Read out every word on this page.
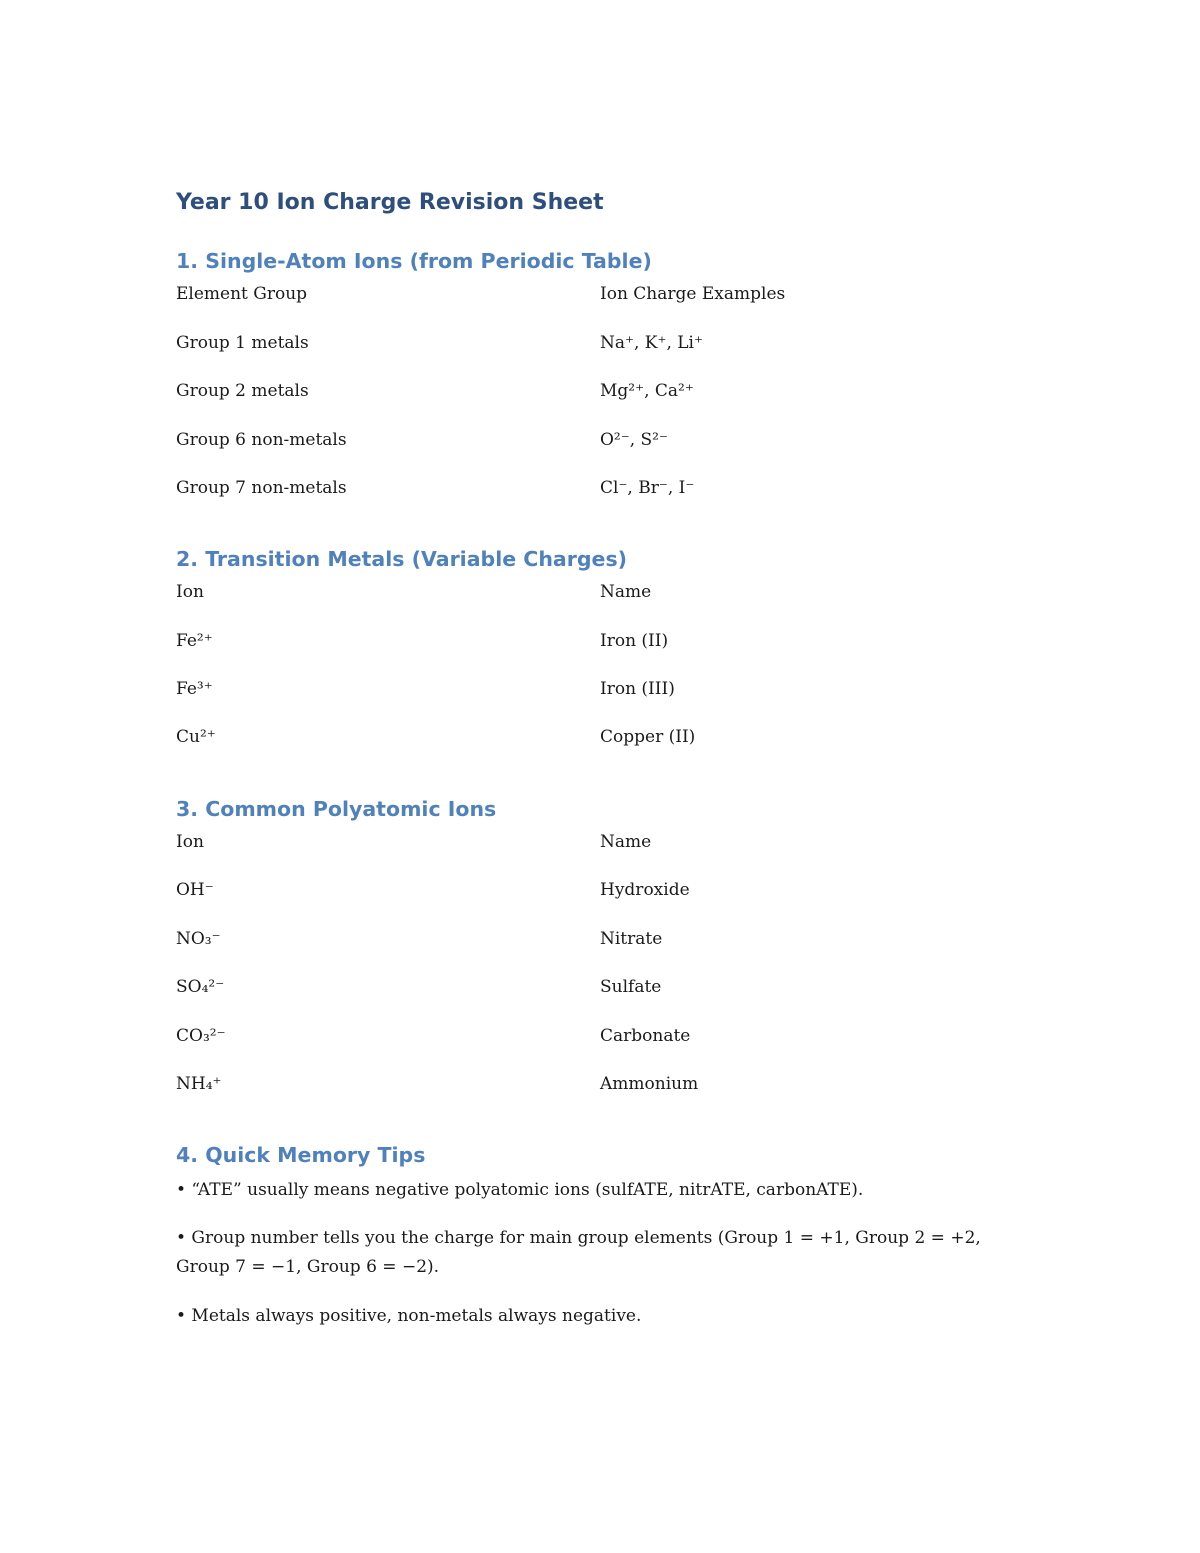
Year 10 Ion Charge Revision Sheet
1. Single-Atom Ions (from Periodic Table)
Element Group	Ion Charge Examples
Group 1 metals	Na⁺, K⁺, Li⁺
Group 2 metals	Mg²⁺, Ca²⁺
Group 6 non-metals	O²⁻, S²⁻
Group 7 non-metals	Cl⁻, Br⁻, I⁻
2. Transition Metals (Variable Charges)
Ion	Name
Fe²⁺	Iron (II)
Fe³⁺	Iron (III)
Cu²⁺	Copper (II)
3. Common Polyatomic Ions
Ion	Name
OH⁻	Hydroxide
NO₃⁻	Nitrate
SO₄²⁻	Sulfate
CO₃²⁻	Carbonate
NH₄⁺	Ammonium
4. Quick Memory Tips
• “ATE” usually means negative polyatomic ions (sulfATE, nitrATE, carbonATE).
• Group number tells you the charge for main group elements (Group 1 = +1, Group 2 = +2, Group 7 = −1, Group 6 = −2).
• Metals always positive, non-metals always negative.
